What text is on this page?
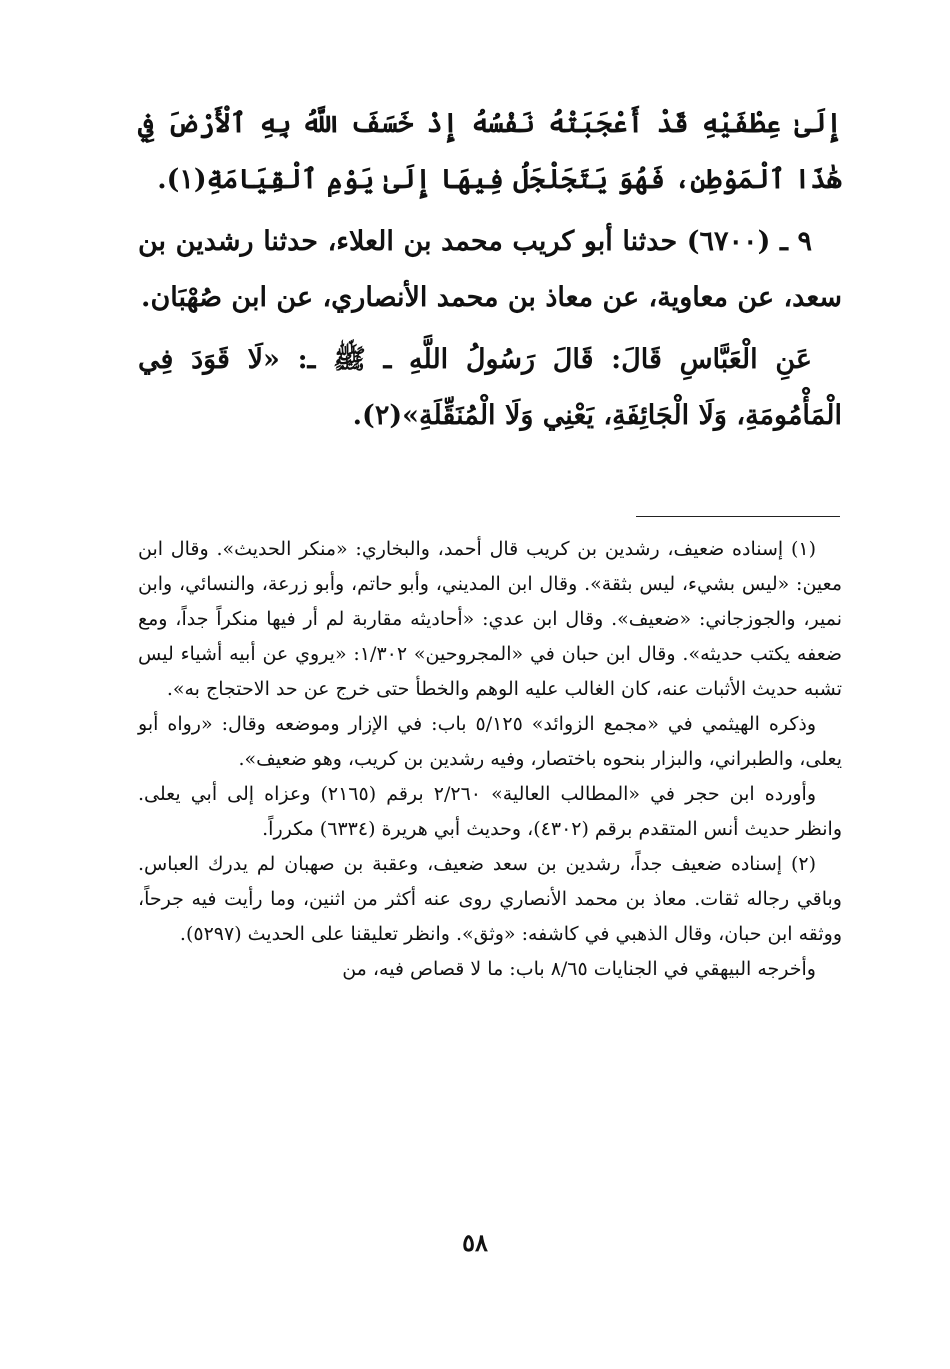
إِلَىٰ عِطْفَيْهِ قَدْ أَعْجَبَتْهُ نَفْسُهُ إِذْ خَسَفَ اللَّهُ بِهِ ٱلْأَرْضَ فِي هَٰذَا ٱلْمَوْطِنِ، فَهُوَ يَتَجَلْجَلُ فِيهَا إِلَىٰ يَوْمِ ٱلْقِيَامَةِ(١).

٩ ـ (٦٧٠٠) حدثنا أبو كريب محمد بن العلاء، حدثنا رشدين بن سعد، عن معاوية، عن معاذ بن محمد الأنصاري، عن ابن صُهْبَان.

عَنِ الْعَبَّاسِ قَالَ: قَالَ رَسُولُ اللَّهِ ـ ﷺ ـ: «لَا قَوَدَ فِي الْمَأْمُومَةِ، وَلَا الْجَائِفَةِ، يَعْنِي وَلَا الْمُنَقِّلَةِ»(٢).

(١) إسناده ضعيف، رشدين بن كريب قال أحمد، والبخاري: «منكر الحديث». وقال ابن معين: «ليس بشيء، ليس بثقة». وقال ابن المديني، وأبو حاتم، وأبو زرعة، والنسائي، وابن نمير، والجوزجاني: «ضعيف». وقال ابن عدي: «أحاديثه مقاربة لم أر فيها منكراً جداً، ومع ضعفه يكتب حديثه». وقال ابن حبان في «المجروحين» ١/٣٠٢: «يروي عن أبيه أشياء ليس تشبه حديث الأثبات عنه، كان الغالب عليه الوهم والخطأ حتى خرج عن حد الاحتجاج به».

وذكره الهيثمي في «مجمع الزوائد» ٥/١٢٥ باب: في الإزار وموضعه وقال: «رواه أبو يعلى، والطبراني، والبزار بنحوه باختصار، وفيه رشدين بن كريب، وهو ضعيف».

وأورده ابن حجر في «المطالب العالية» ٢/٢٦٠ برقم (٢١٦٥) وعزاه إلى أبي يعلى. وانظر حديث أنس المتقدم برقم (٤٣٠٢)، وحديث أبي هريرة (٦٣٣٤) مكرراً.

(٢) إسناده ضعيف جداً، رشدين بن سعد ضعيف، وعقبة بن صهبان لم يدرك العباس. وباقي رجاله ثقات. معاذ بن محمد الأنصاري روى عنه أكثر من اثنين، وما رأيت فيه جرحاً، ووثقه ابن حبان، وقال الذهبي في كاشفه: «وثق». وانظر تعليقنا على الحديث (٥٢٩٧).

وأخرجه البيهقي في الجنايات ٨/٦٥ باب: ما لا قصاص فيه، من

٥٨
